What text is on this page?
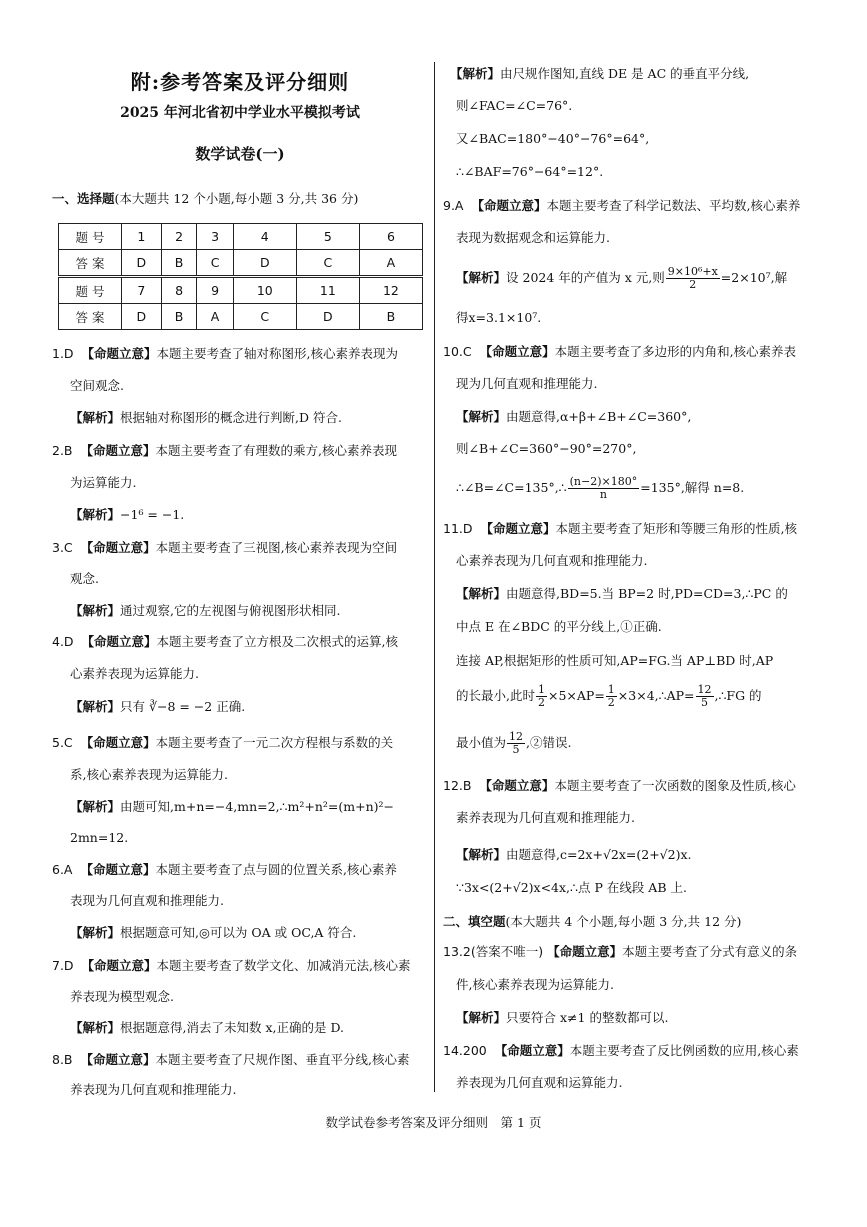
附:参考答案及评分细则
2025 年河北省初中学业水平模拟考试
数学试卷(一)
一、选择题(本大题共 12 个小题,每小题 3 分,共 36 分)
题 号	1	2	3	4	5	6
答 案	D	B	C	D	C	A
题 号	7	8	9	10	11	12
答 案	D	B	A	C	D	B
1.D 【命题立意】本题主要考查了轴对称图形,核心素养表现为
空间观念.
【解析】根据轴对称图形的概念进行判断,D 符合.
2.B 【命题立意】本题主要考查了有理数的乘方,核心素养表现
为运算能力.
【解析】−1⁶ = −1.
3.C 【命题立意】本题主要考查了三视图,核心素养表现为空间
观念.
【解析】通过观察,它的左视图与俯视图形状相同.
4.D 【命题立意】本题主要考查了立方根及二次根式的运算,核
心素养表现为运算能力.
【解析】只有 ∛−8 = −2 正确.
5.C 【命题立意】本题主要考查了一元二次方程根与系数的关
系,核心素养表现为运算能力.
【解析】由题可知,m+n=−4,mn=2,∴m²+n²=(m+n)²−
2mn=12.
6.A 【命题立意】本题主要考查了点与圆的位置关系,核心素养
表现为几何直观和推理能力.
【解析】根据题意可知,◎可以为 OA 或 OC,A 符合.
7.D 【命题立意】本题主要考查了数学文化、加减消元法,核心素
养表现为模型观念.
【解析】根据题意得,消去了未知数 x,正确的是 D.
8.B 【命题立意】本题主要考查了尺规作图、垂直平分线,核心素
养表现为几何直观和推理能力.
【解析】由尺规作图知,直线 DE 是 AC 的垂直平分线,
则∠FAC=∠C=76°.
又∠BAC=180°−40°−76°=64°,
∴∠BAF=76°−64°=12°.
9.A 【命题立意】本题主要考查了科学记数法、平均数,核心素养
表现为数据观念和运算能力.
【解析】设 2024 年的产值为 x 元,则 $\frac{\text{9×10⁶+x}}{2} =2\times 10^7$,解
得x=3.1×10⁷.
10.C 【命题立意】本题主要考查了多边形的内角和,核心素养表
现为几何直观和推理能力.
【解析】由题意得,α+β+∠B+∠C=360°,
则∠B+∠C=360°−90°=270°,
∴∠B=∠C=135°,∴ $\frac{(n-2)\times 180^\circ}{n} =135^\circ$,解得 n=8.
11.D 【命题立意】本题主要考查了矩形和等腰三角形的性质,核
心素养表现为几何直观和推理能力.
【解析】由题意得,BD=5.当 BP=2 时,PD=CD=3,∴PC 的
中点 E 在∠BDC 的平分线上,①正确.
连接 AP,根据矩形的性质可知,AP=FG.当 AP⊥BD 时,AP
的长最小,此时 $\frac{1}{2} \times 5\times AP= \frac{1}{2}$ ×3×4,∴AP= $\frac{12}{5}$ ,∴FG 的
最小值为 $\frac{12}{5}$ ,②错误.
12.B 【命题立意】本题主要考查了一次函数的图象及性质,核心
素养表现为几何直观和推理能力.
【解析】由题意得,c=2x+√2x=(2+√2)x.
∵3x<(2+√2)x<4x,∴点 P 在线段 AB 上.
二、填空题(本大题共 4 个小题,每小题 3 分,共 12 分)
13.2(答案不唯一) 【命题立意】本题主要考查了分式有意义的条
件,核心素养表现为运算能力.
【解析】只要符合 x≠1 的整数都可以.
14.200 【命题立意】本题主要考查了反比例函数的应用,核心素
养表现为几何直观和运算能力.
数学试卷参考答案及评分细则　第 1 页
